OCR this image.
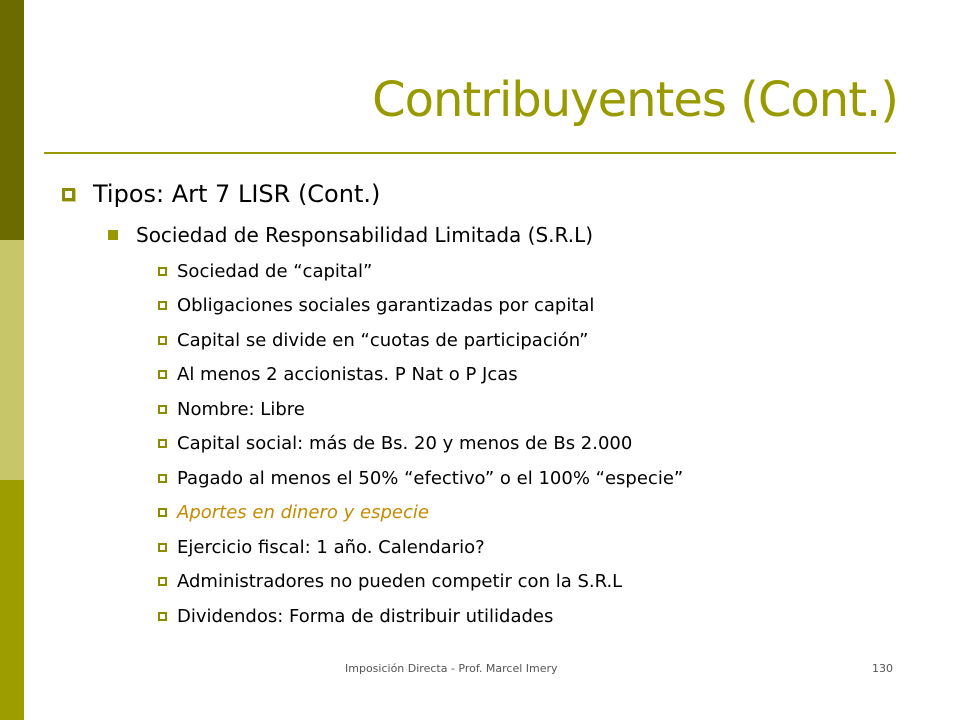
Contribuyentes (Cont.)
Tipos: Art 7 LISR (Cont.)
Sociedad de Responsabilidad Limitada (S.R.L)
Sociedad de “capital”
Obligaciones sociales garantizadas por capital
Capital se divide en “cuotas de participación”
Al menos 2 accionistas. P Nat o P Jcas
Nombre: Libre
Capital social: más de Bs. 20 y menos de Bs 2.000
Pagado al menos el 50% “efectivo” o el 100% “especie”
Aportes en dinero y especie
Ejercicio fiscal: 1 año. Calendario?
Administradores no pueden competir con la S.R.L
Dividendos: Forma de distribuir utilidades
Imposición Directa - Prof. Marcel Imery	130
